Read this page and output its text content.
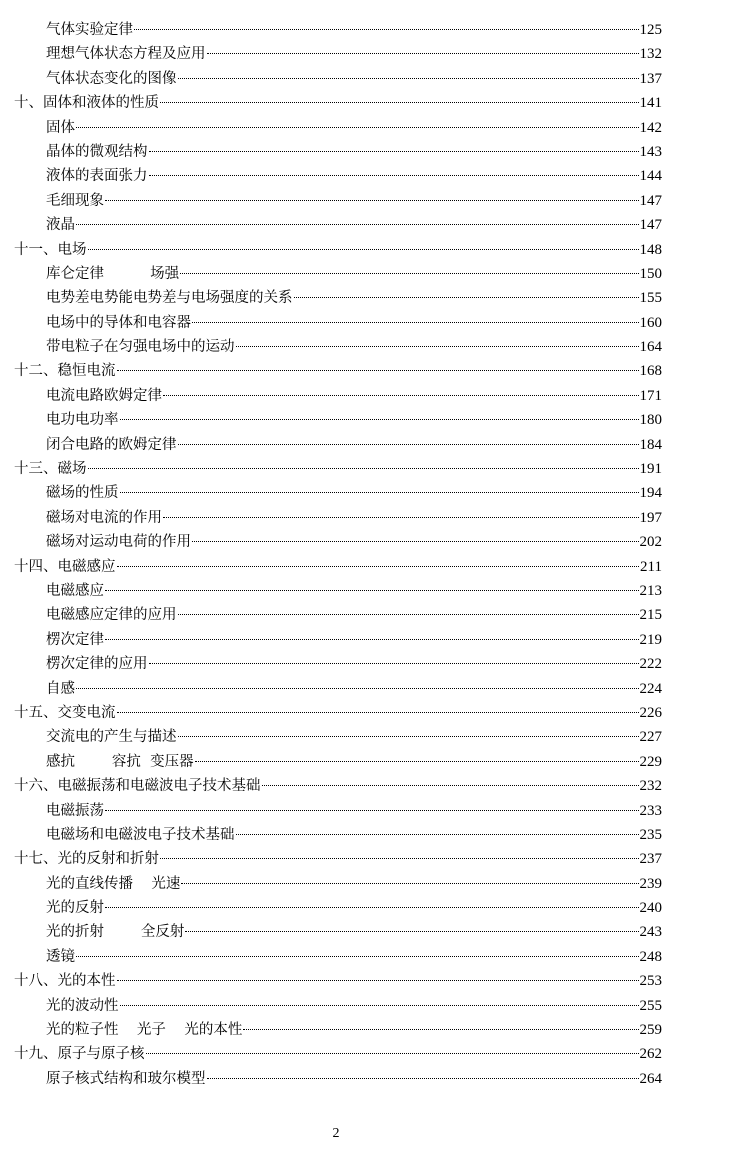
气体实验定律	125
理想气体状态方程及应用	132
气体状态变化的图像	137
十、固体和液体的性质	141
固体	142
晶体的微观结构	143
液体的表面张力	144
毛细现象	147
液晶	147
十一、电场	148
库仑定律          场强	150
电势差电势能电势差与电场强度的关系	155
电场中的导体和电容器	160
带电粒子在匀强电场中的运动	164
十二、稳恒电流	168
电流电路欧姆定律	171
电功电功率	180
闭合电路的欧姆定律	184
十三、磁场	191
磁场的性质	194
磁场对电流的作用	197
磁场对运动电荷的作用	202
十四、电磁感应	211
电磁感应	213
电磁感应定律的应用	215
楞次定律	219
楞次定律的应用	222
自感	224
十五、交变电流	226
交流电的产生与描述	227
感抗        容抗  变压器	229
十六、电磁振荡和电磁波电子技术基础	232
电磁振荡	233
电磁场和电磁波电子技术基础	235
十七、光的反射和折射	237
光的直线传播    光速	239
光的反射	240
光的折射        全反射	243
透镜	248
十八、光的本性	253
光的波动性	255
光的粒子性    光子    光的本性	259
十九、原子与原子核	262
原子核式结构和玻尔模型	264
2
